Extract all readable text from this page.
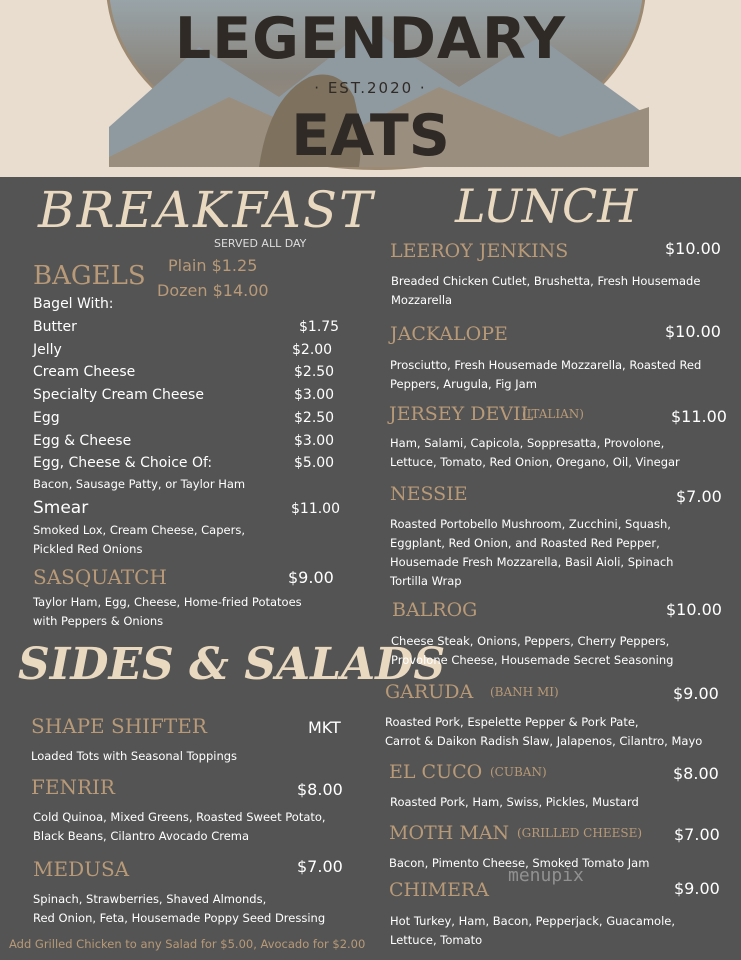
LEGENDARY
· EST.2020 ·
EATS
BREAKFAST
SERVED ALL DAY
BAGELS Plain $1.25
Dozen $14.00
Bagel With:
Butter	$1.75
Jelly	$2.00
Cream Cheese	$2.50
Specialty Cream Cheese	$3.00
Egg	$2.50
Egg & Cheese	$3.00
Egg, Cheese & Choice Of:	$5.00
Bacon, Sausage Patty, or Taylor Ham
Smear	$11.00
Smoked Lox, Cream Cheese, Capers,
Pickled Red Onions
SASQUATCH	$9.00
Taylor Ham, Egg, Cheese, Home-fried Potatoes
with Peppers & Onions
SIDES & SALADS
SHAPE SHIFTER	MKT
Loaded Tots with Seasonal Toppings
FENRIR	$8.00
Cold Quinoa, Mixed Greens, Roasted Sweet Potato,
Black Beans, Cilantro Avocado Crema
MEDUSA	$7.00
Spinach, Strawberries, Shaved Almonds,
Red Onion, Feta, Housemade Poppy Seed Dressing
Add Grilled Chicken to any Salad for $5.00, Avocado for $2.00
LUNCH
LEEROY JENKINS	$10.00
Breaded Chicken Cutlet, Brushetta, Fresh Housemade
Mozzarella
JACKALOPE	$10.00
Prosciutto, Fresh Housemade Mozzarella, Roasted Red
Peppers, Arugula, Fig Jam
JERSEY DEVIL
(ITALIAN)	$11.00
Ham, Salami, Capicola, Soppresatta, Provolone,
Lettuce, Tomato, Red Onion, Oregano, Oil, Vinegar
NESSIE	$7.00
Roasted Portobello Mushroom, Zucchini, Squash,
Eggplant, Red Onion, and Roasted Red Pepper,
Housemade Fresh Mozzarella, Basil Aioli, Spinach
Tortilla Wrap
BALROG	$10.00
Cheese Steak, Onions, Peppers, Cherry Peppers,
Provolone Cheese, Housemade Secret Seasoning
GARUDA (BANH MI)	$9.00
Roasted Pork, Espelette Pepper & Pork Pate,
Carrot & Daikon Radish Slaw, Jalapenos, Cilantro, Mayo
EL CUCO (CUBAN)	$8.00
Roasted Pork, Ham, Swiss, Pickles, Mustard
MOTH MAN (GRILLED CHEESE) $7.00
Bacon, Pimento Cheese, Smoked Tomato Jam
CHIMERA	$9.00
Hot Turkey, Ham, Bacon, Pepperjack, Guacamole,
Lettuce, Tomato
menupix
